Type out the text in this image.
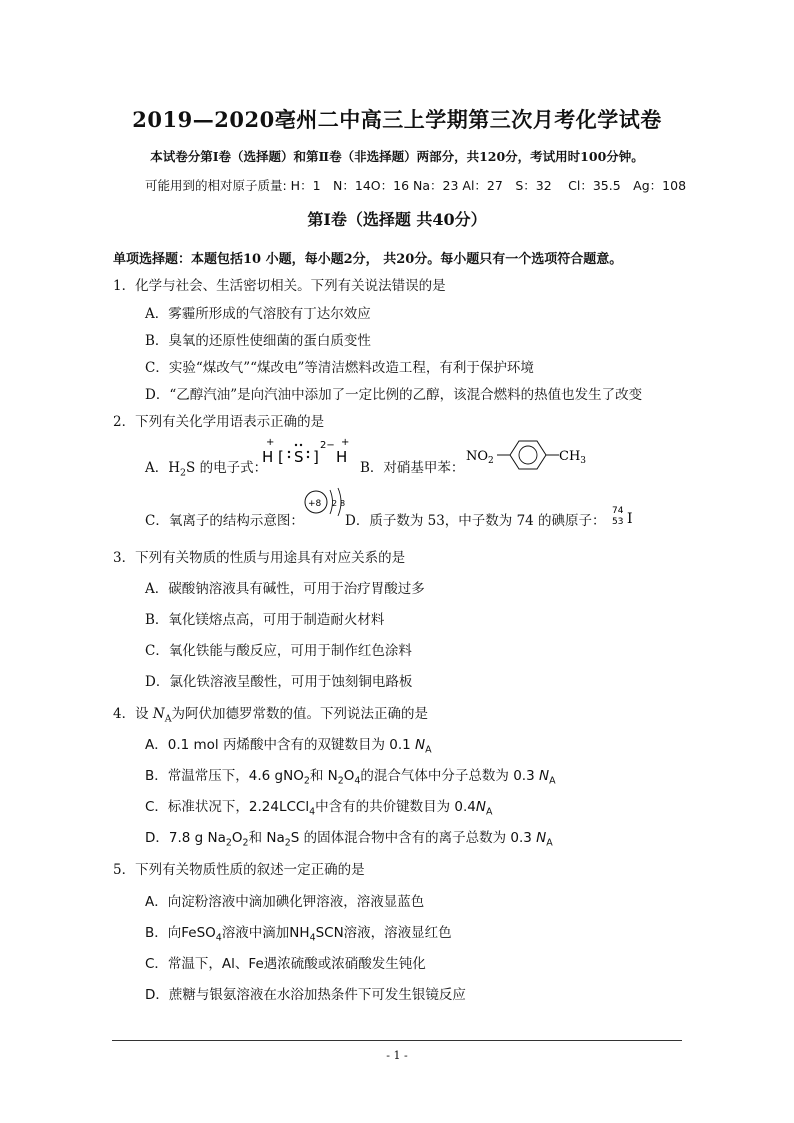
2019—2020亳州二中高三上学期第三次月考化学试卷
本试卷分第Ⅰ卷（选择题）和第Ⅱ卷（非选择题）两部分，共120分，考试用时100分钟。
可能用到的相对原子质量: H：1　N：14O：16 Na：23 Al：27　S：32　 Cl：35.5　Ag：108
第Ⅰ卷（选择题 共40分）
单项选择题：本题包括10 小题，每小题2分， 共20分。每小题只有一个选项符合题意。
1．化学与社会、生活密切相关。下列有关说法错误的是
A．雾霾所形成的气溶胶有丁达尔效应
B．臭氧的还原性使细菌的蛋白质变性
C．实验“煤改气”“煤改电”等清洁燃料改造工程，有利于保护环境
D．“乙醇汽油”是向汽油中添加了一定比例的乙醇，该混合燃料的热值也发生了改变
2．下列有关化学用语表示正确的是
A．$H_2S$ 的电子式：
+
H [ S ]
2− +
H
B．对硝基甲苯：
$NO_2$	$CH_3$
C．氧离子的结构示意图：
+8 2 8
D．质子数为 53，中子数为 74 的碘原子：
74
53 I
3．下列有关物质的性质与用途具有对应关系的是
A．碳酸钠溶液具有碱性，可用于治疗胃酸过多
B．氧化镁熔点高，可用于制造耐火材料
C．氧化铁能与酸反应，可用于制作红色涂料
D．氯化铁溶液呈酸性，可用于蚀刻铜电路板
4．设 $N_A$为阿伏加德罗常数的值。下列说法正确的是
A．0.1 mol 丙烯酸中含有的双键数目为 0.1 $N_A$
B．常温常压下，4.6 gNO$_2$和 $N_2O_4$的混合气体中分子总数为 0.3 $N_A$
C．标准状况下，2.24LCCl$_4$中含有的共价键数目为 $0.4N_A$
D．7.8 g $Na_2O_2$和 $Na_2S$ 的固体混合物中含有的离子总数为 0.3 $N_A$
5．下列有关物质性质的叙述一定正确的是
A．向淀粉溶液中滴加碘化钾溶液，溶液显蓝色
B．向FeSO$_4$溶液中滴加$NH_4SCN$溶液，溶液显红色
C．常温下，Al、Fe遇浓硫酸或浓硝酸发生钝化
D．蔗糖与银氨溶液在水浴加热条件下可发生银镜反应
- 1 -
